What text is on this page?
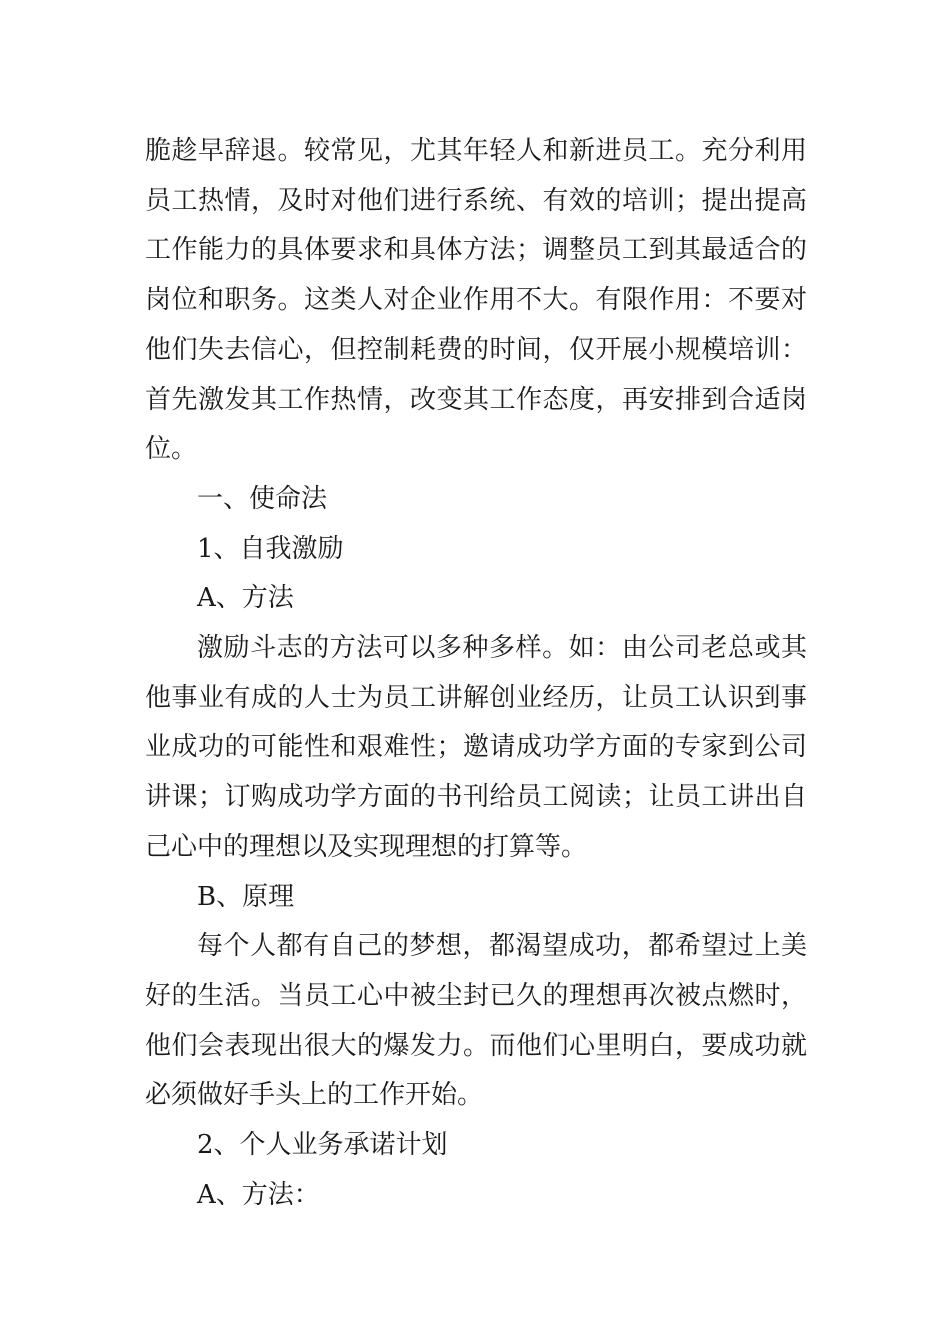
脆趁早辞退。较常见，尤其年轻人和新进员工。充分利用员工热情，及时对他们进行系统、有效的培训；提出提高工作能力的具体要求和具体方法；调整员工到其最适合的岗位和职务。这类人对企业作用不大。有限作用：不要对他们失去信心，但控制耗费的时间，仅开展小规模培训：首先激发其工作热情，改变其工作态度，再安排到合适岗位。

一、使命法

1、自我激励

A、方法

激励斗志的方法可以多种多样。如：由公司老总或其他事业有成的人士为员工讲解创业经历，让员工认识到事业成功的可能性和艰难性；邀请成功学方面的专家到公司讲课；订购成功学方面的书刊给员工阅读；让员工讲出自己心中的理想以及实现理想的打算等。

B、原理

每个人都有自己的梦想，都渴望成功，都希望过上美好的生活。当员工心中被尘封已久的理想再次被点燃时，他们会表现出很大的爆发力。而他们心里明白，要成功就必须做好手头上的工作开始。

2、个人业务承诺计划

A、方法：
